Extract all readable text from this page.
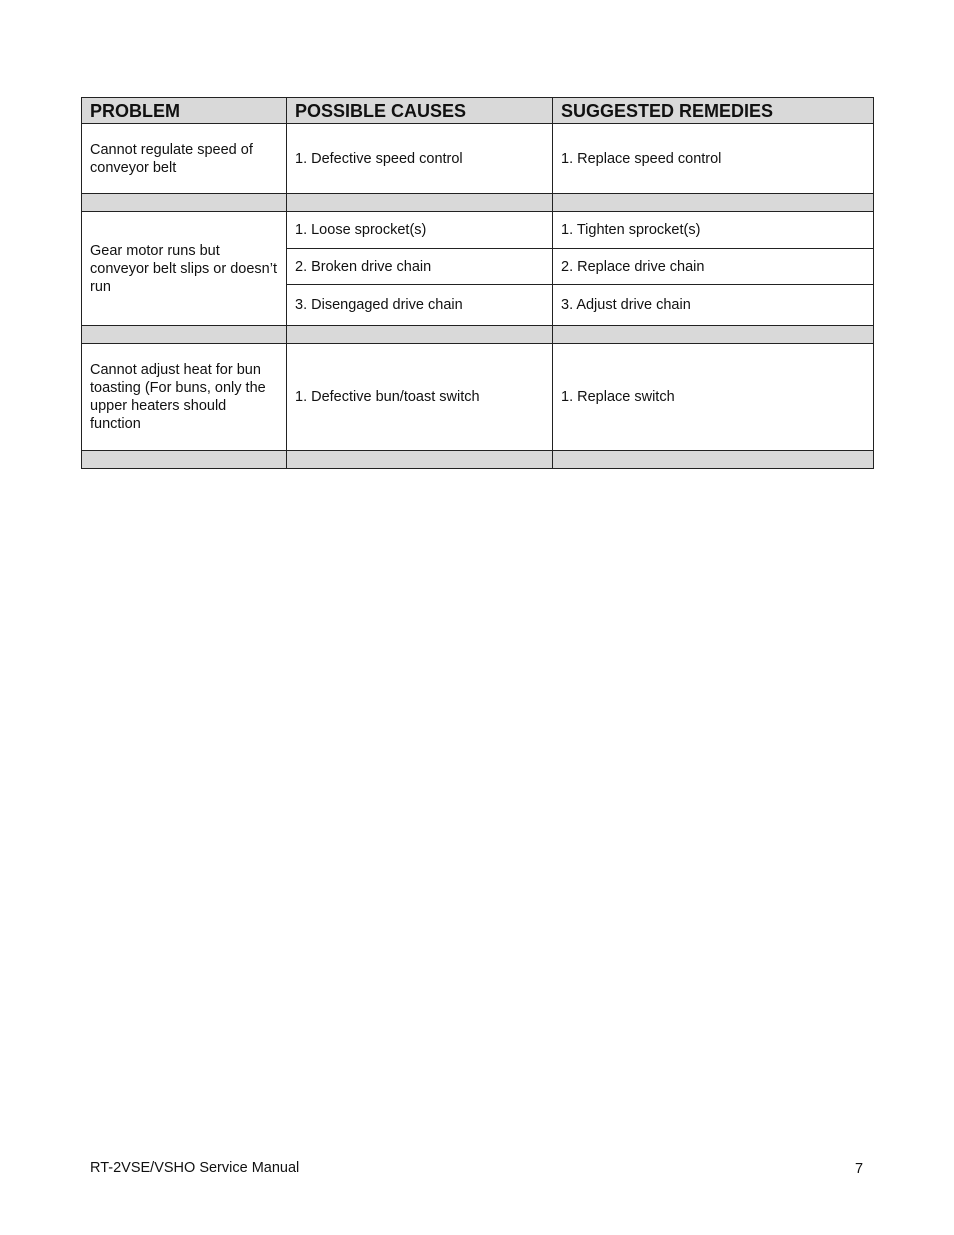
PROBLEM	POSSIBLE CAUSES	SUGGESTED REMEDIES
Cannot regulate speed of conveyor belt	1. Defective speed control	1. Replace speed control

Gear motor runs but conveyor belt slips or doesn’t run	1. Loose sprocket(s)	1. Tighten sprocket(s)
	2. Broken drive chain	2. Replace drive chain
	3. Disengaged drive chain	3. Adjust drive chain

Cannot adjust heat for bun toasting (For buns, only the upper heaters should function	1. Defective bun/toast switch	1. Replace switch

RT-2VSE/VSHO Service Manual	7
